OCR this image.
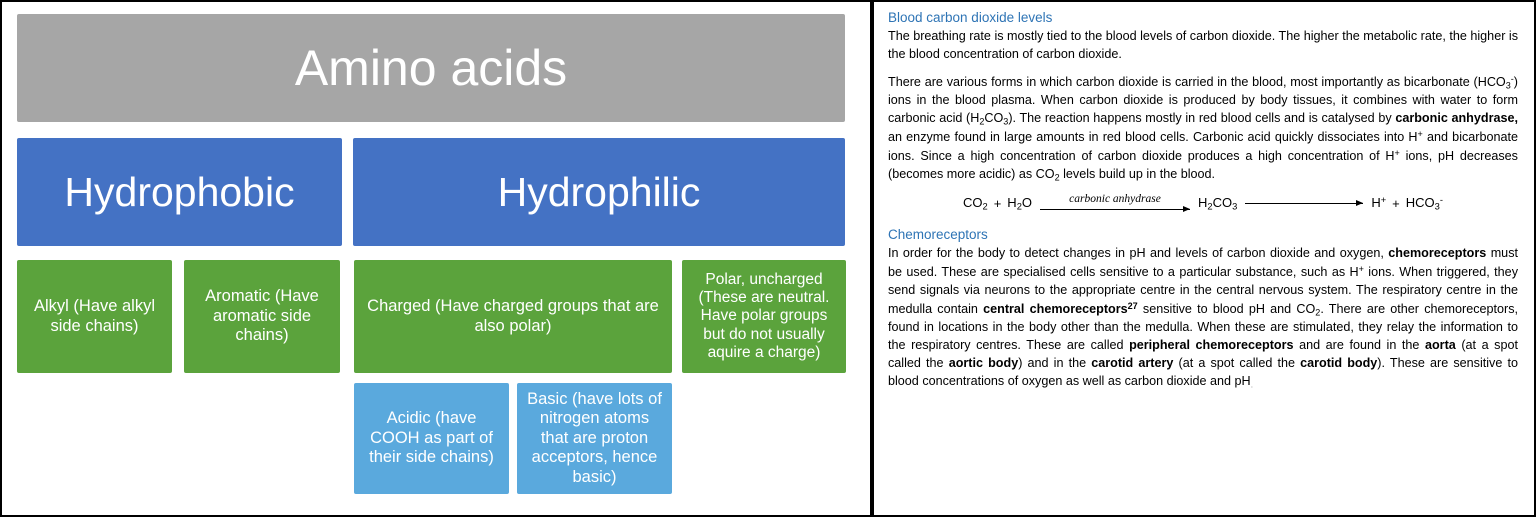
Amino acids
Hydrophobic	Hydrophilic
Alkyl (Have alkyl side chains)
Aromatic (Have aromatic side chains)
Charged (Have charged groups that are also polar)
Polar, uncharged (These are neutral. Have polar groups but do not usually aquire a charge)
Acidic (have COOH as part of their side chains)
Basic (have lots of nitrogen atoms that are proton acceptors, hence basic)
Blood carbon dioxide levels

The breathing rate is mostly tied to the blood levels of carbon dioxide. The higher the metabolic rate, the higher is the blood concentration of carbon dioxide.

There are various forms in which carbon dioxide is carried in the blood, most importantly as bicarbonate $(HCO_3^-)$ ions in the blood plasma. When carbon dioxide is produced by body tissues, it combines with water to form carbonic acid $(H_2CO_3)$. The reaction happens mostly in red blood cells and is catalysed by carbonic anhydrase, an enzyme found in large amounts in red blood cells. Carbonic acid quickly dissociates into H+ and bicarbonate ions. Since a high concentration of carbon dioxide produces a high concentration of H+ ions, pH decreases (becomes more acidic) as $CO_2$ levels build up in the blood.

$CO_2 + H_2O$	carbonic anhydrase	$H_2CO_3$	$H^+ + HCO_3^-$
Chemoreceptors

In order for the body to detect changes in pH and levels of carbon dioxide and oxygen, chemoreceptors must be used. These are specialised cells sensitive to a particular substance, such as H+ ions. When triggered, they send signals via neurons to the appropriate centre in the central nervous system. The respiratory centre in the medulla contain central chemoreceptors$^{27}$ sensitive to blood pH and $CO_2$. There are other chemoreceptors, found in locations in the body other than the medulla. When these are stimulated, they relay the information to the respiratory centres. These are called peripheral chemoreceptors and are found in the aorta (at a spot called the aortic body) and in the carotid artery (at a spot called the carotid body). These are sensitive to blood concentrations of oxygen as well as carbon dioxide and $pH_.$
